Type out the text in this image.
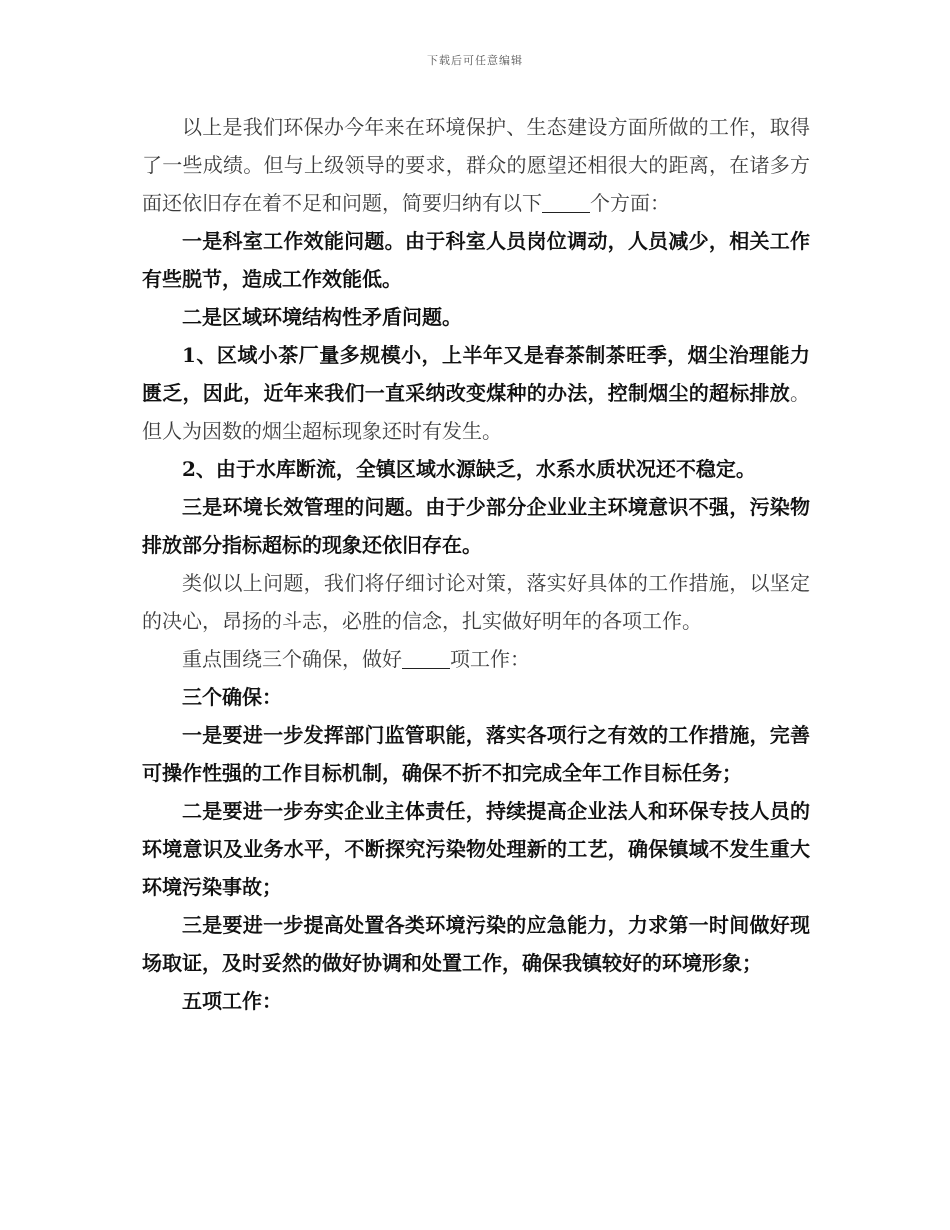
下载后可任意编辑

以上是我们环保办今年来在环境保护、生态建设方面所做的工作，取得了一些成绩。但与上级领导的要求，群众的愿望还相很大的距离，在诸多方面还依旧存在着不足和问题，简要归纳有以下 个方面：

一是科室工作效能问题。由于科室人员岗位调动，人员减少，相关工作有些脱节，造成工作效能低。

二是区域环境结构性矛盾问题。

1、区域小茶厂量多规模小，上半年又是春茶制茶旺季，烟尘治理能力匮乏，因此，近年来我们一直采纳改变煤种的办法，控制烟尘的超标排放。但人为因数的烟尘超标现象还时有发生。

2、由于水库断流，全镇区域水源缺乏，水系水质状况还不稳定。

三是环境长效管理的问题。由于少部分企业业主环境意识不强，污染物排放部分指标超标的现象还依旧存在。

类似以上问题，我们将仔细讨论对策，落实好具体的工作措施，以坚定的决心，昂扬的斗志，必胜的信念，扎实做好明年的各项工作。

重点围绕三个确保，做好 项工作：

三个确保：

一是要进一步发挥部门监管职能，落实各项行之有效的工作措施，完善可操作性强的工作目标机制，确保不折不扣完成全年工作目标任务；

二是要进一步夯实企业主体责任，持续提高企业法人和环保专技人员的环境意识及业务水平，不断探究污染物处理新的工艺，确保镇域不发生重大环境污染事故；

三是要进一步提高处置各类环境污染的应急能力，力求第一时间做好现场取证，及时妥然的做好协调和处置工作，确保我镇较好的环境形象；

五项工作：
